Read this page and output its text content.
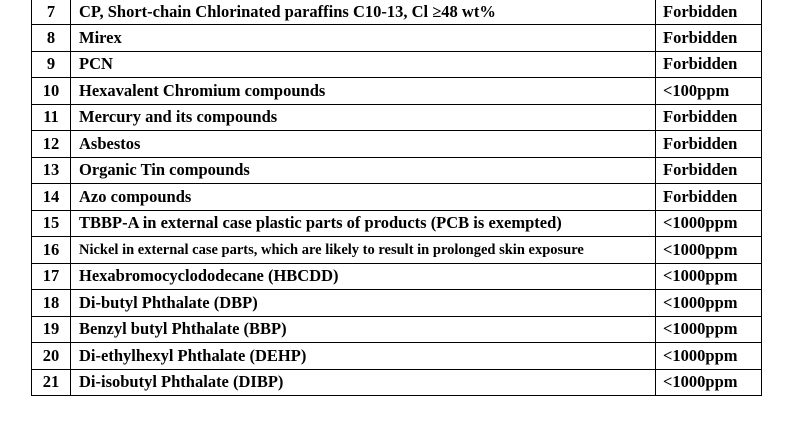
7	CP, Short-chain Chlorinated paraffins C10-13, Cl ≥48 wt%	Forbidden
8	Mirex	Forbidden
9	PCN	Forbidden
10	Hexavalent Chromium compounds	<100ppm
11	Mercury and its compounds	Forbidden
12	Asbestos	Forbidden
13	Organic Tin compounds	Forbidden
14	Azo compounds	Forbidden
15	TBBP-A in external case plastic parts of products (PCB is exempted)	<1000ppm
16	Nickel in external case parts, which are likely to result in prolonged skin exposure	<1000ppm
17	Hexabromocyclododecane (HBCDD)	<1000ppm
18	Di-butyl Phthalate (DBP)	<1000ppm
19	Benzyl butyl Phthalate (BBP)	<1000ppm
20	Di-ethylhexyl Phthalate (DEHP)	<1000ppm
21	Di-isobutyl Phthalate (DIBP)	<1000ppm
